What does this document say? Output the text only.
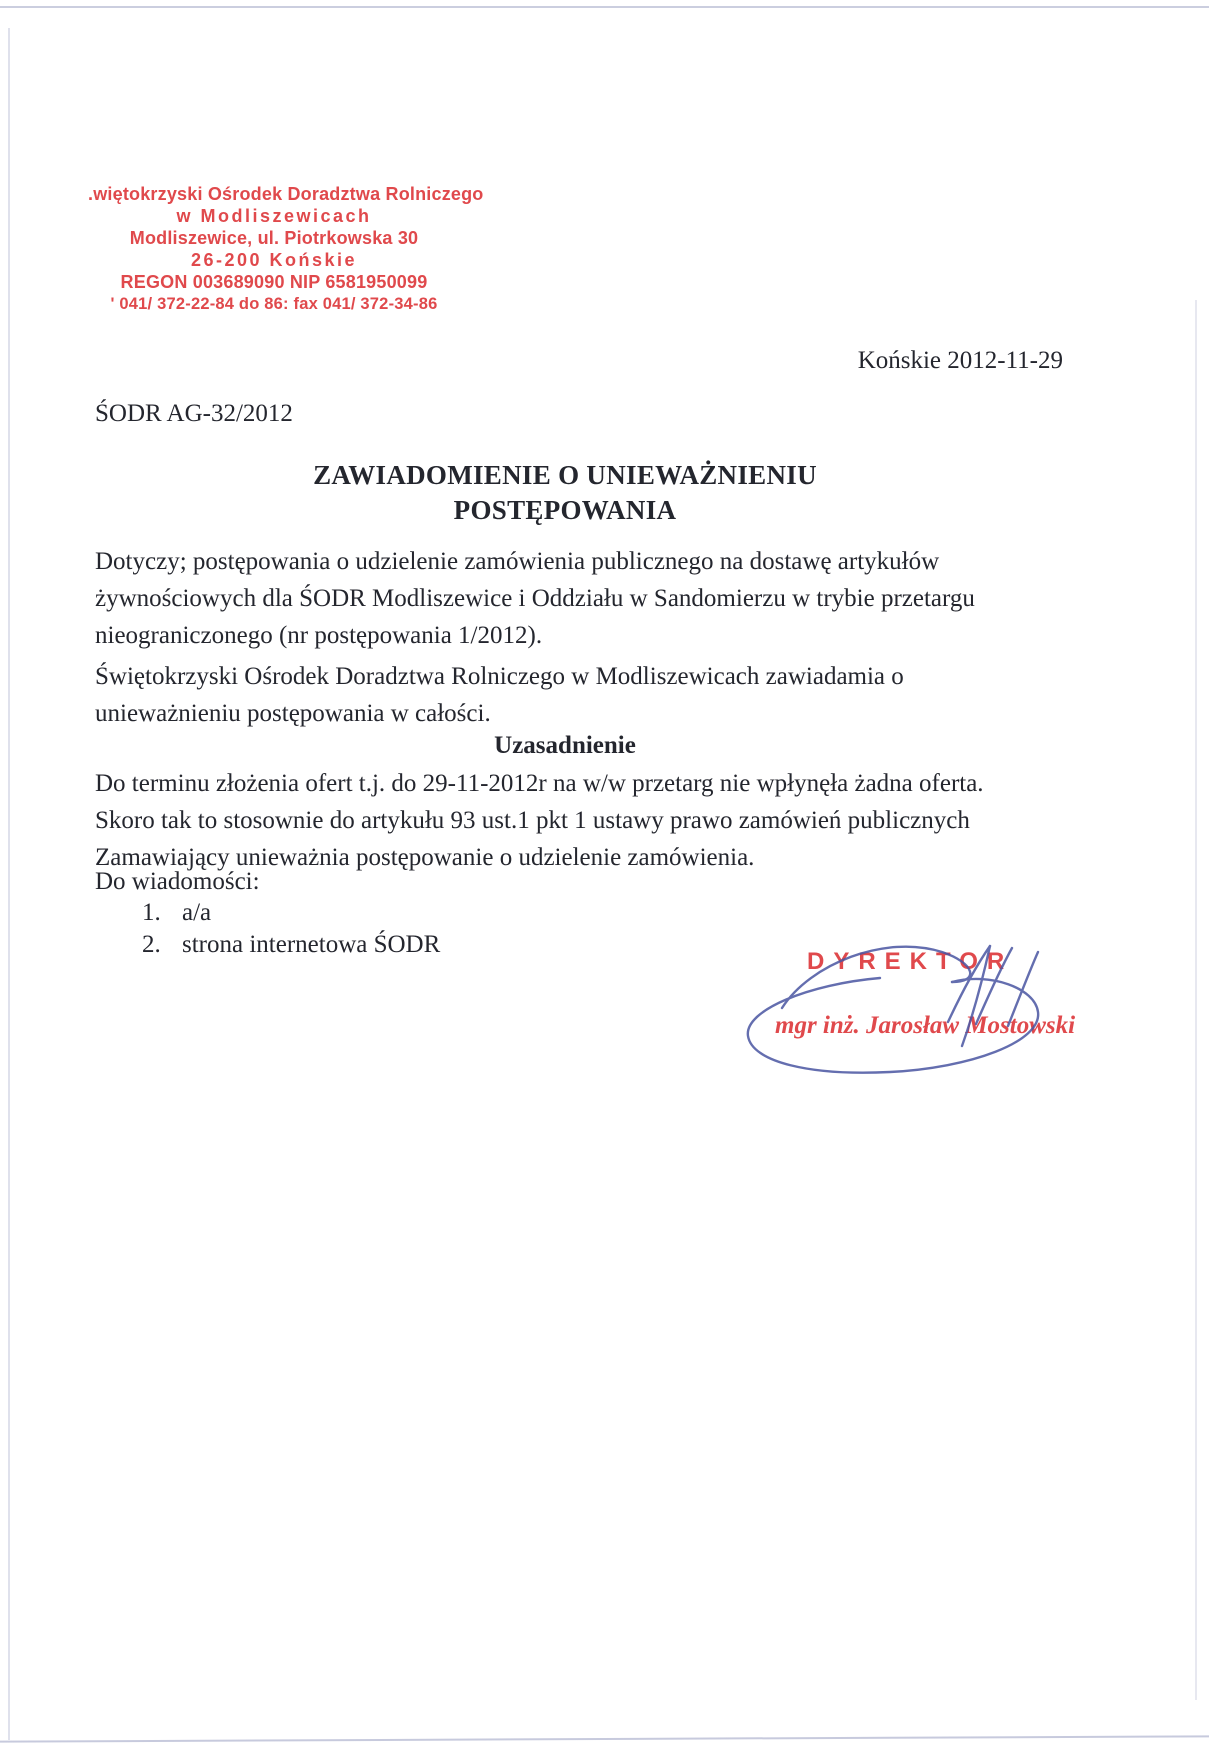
.więtokrzyski Ośrodek Doradztwa Rolniczego
w Modliszewicach
Modliszewice, ul. Piotrkowska 30
26-200 Końskie
REGON 003689090 NIP 6581950099
' 041/ 372-22-84 do 86: fax 041/ 372-34-86
Końskie 2012-11-29
ŚODR AG-32/2012
ZAWIADOMIENIE O UNIEWAŻNIENIU
POSTĘPOWANIA
Dotyczy; postępowania o udzielenie zamówienia publicznego na dostawę artykułów
żywnościowych dla ŚODR Modliszewice i Oddziału w Sandomierzu w trybie przetargu
nieograniczonego (nr postępowania 1/2012).
Świętokrzyski Ośrodek Doradztwa Rolniczego w Modliszewicach zawiadamia o
unieważnieniu postępowania w całości.
Uzasadnienie
Do terminu złożenia ofert t.j. do 29-11-2012r na w/w przetarg nie wpłynęła żadna oferta.
Skoro tak to stosownie do artykułu 93 ust.1 pkt 1 ustawy prawo zamówień publicznych
Zamawiający unieważnia postępowanie o udzielenie zamówienia.
Do wiadomości:
1. a/a
2. strona internetowa ŚODR
DYREKTOR
mgr inż. Jarosław Mostowski
